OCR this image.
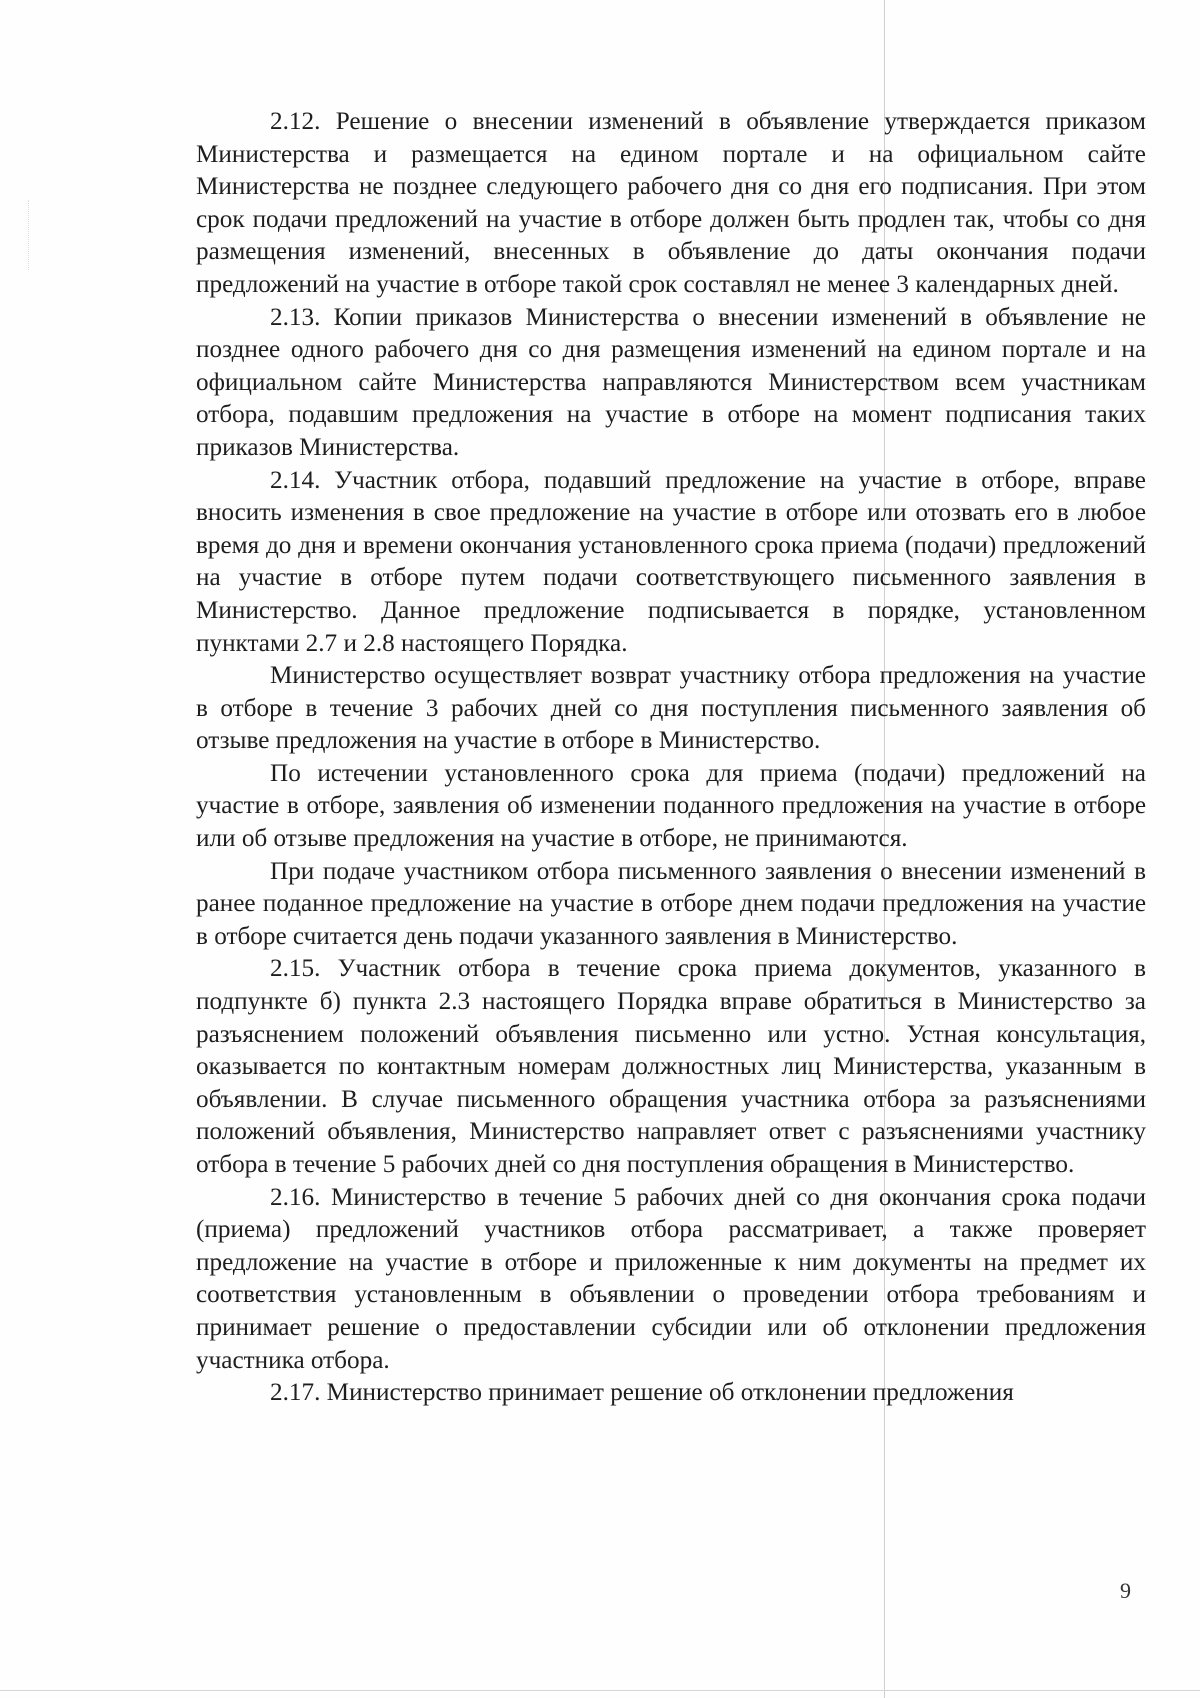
2.12. Решение о внесении изменений в объявление утверждается приказом Министерства и размещается на едином портале и на официальном сайте Министерства не позднее следующего рабочего дня со дня его подписания. При этом срок подачи предложений на участие в отборе должен быть продлен так, чтобы со дня размещения изменений, внесенных в объявление до даты окончания подачи предложений на участие в отборе такой срок составлял не менее 3 календарных дней.

2.13. Копии приказов Министерства о внесении изменений в объявление не позднее одного рабочего дня со дня размещения изменений на едином портале и на официальном сайте Министерства направляются Министерством всем участникам отбора, подавшим предложения на участие в отборе на момент подписания таких приказов Министерства.

2.14. Участник отбора, подавший предложение на участие в отборе, вправе вносить изменения в свое предложение на участие в отборе или отозвать его в любое время до дня и времени окончания установленного срока приема (подачи) предложений на участие в отборе путем подачи соответствующего письменного заявления в Министерство. Данное предложение подписывается в порядке, установленном пунктами 2.7 и 2.8 настоящего Порядка.

Министерство осуществляет возврат участнику отбора предложения на участие в отборе в течение 3 рабочих дней со дня поступления письменного заявления об отзыве предложения на участие в отборе в Министерство.

По истечении установленного срока для приема (подачи) предложений на участие в отборе, заявления об изменении поданного предложения на участие в отборе или об отзыве предложения на участие в отборе, не принимаются.

При подаче участником отбора письменного заявления о внесении изменений в ранее поданное предложение на участие в отборе днем подачи предложения на участие в отборе считается день подачи указанного заявления в Министерство.

2.15. Участник отбора в течение срока приема документов, указанного в подпункте б) пункта 2.3 настоящего Порядка вправе обратиться в Министерство за разъяснением положений объявления письменно или устно. Устная консультация, оказывается по контактным номерам должностных лиц Министерства, указанным в объявлении. В случае письменного обращения участника отбора за разъяснениями положений объявления, Министерство направляет ответ с разъяснениями участнику отбора в течение 5 рабочих дней со дня поступления обращения в Министерство.

2.16. Министерство в течение 5 рабочих дней со дня окончания срока подачи (приема) предложений участников отбора рассматривает, а также проверяет предложение на участие в отборе и приложенные к ним документы на предмет их соответствия установленным в объявлении о проведении отбора требованиям и принимает решение о предоставлении субсидии или об отклонении предложения участника отбора.

2.17. Министерство принимает решение об отклонении предложения

9
